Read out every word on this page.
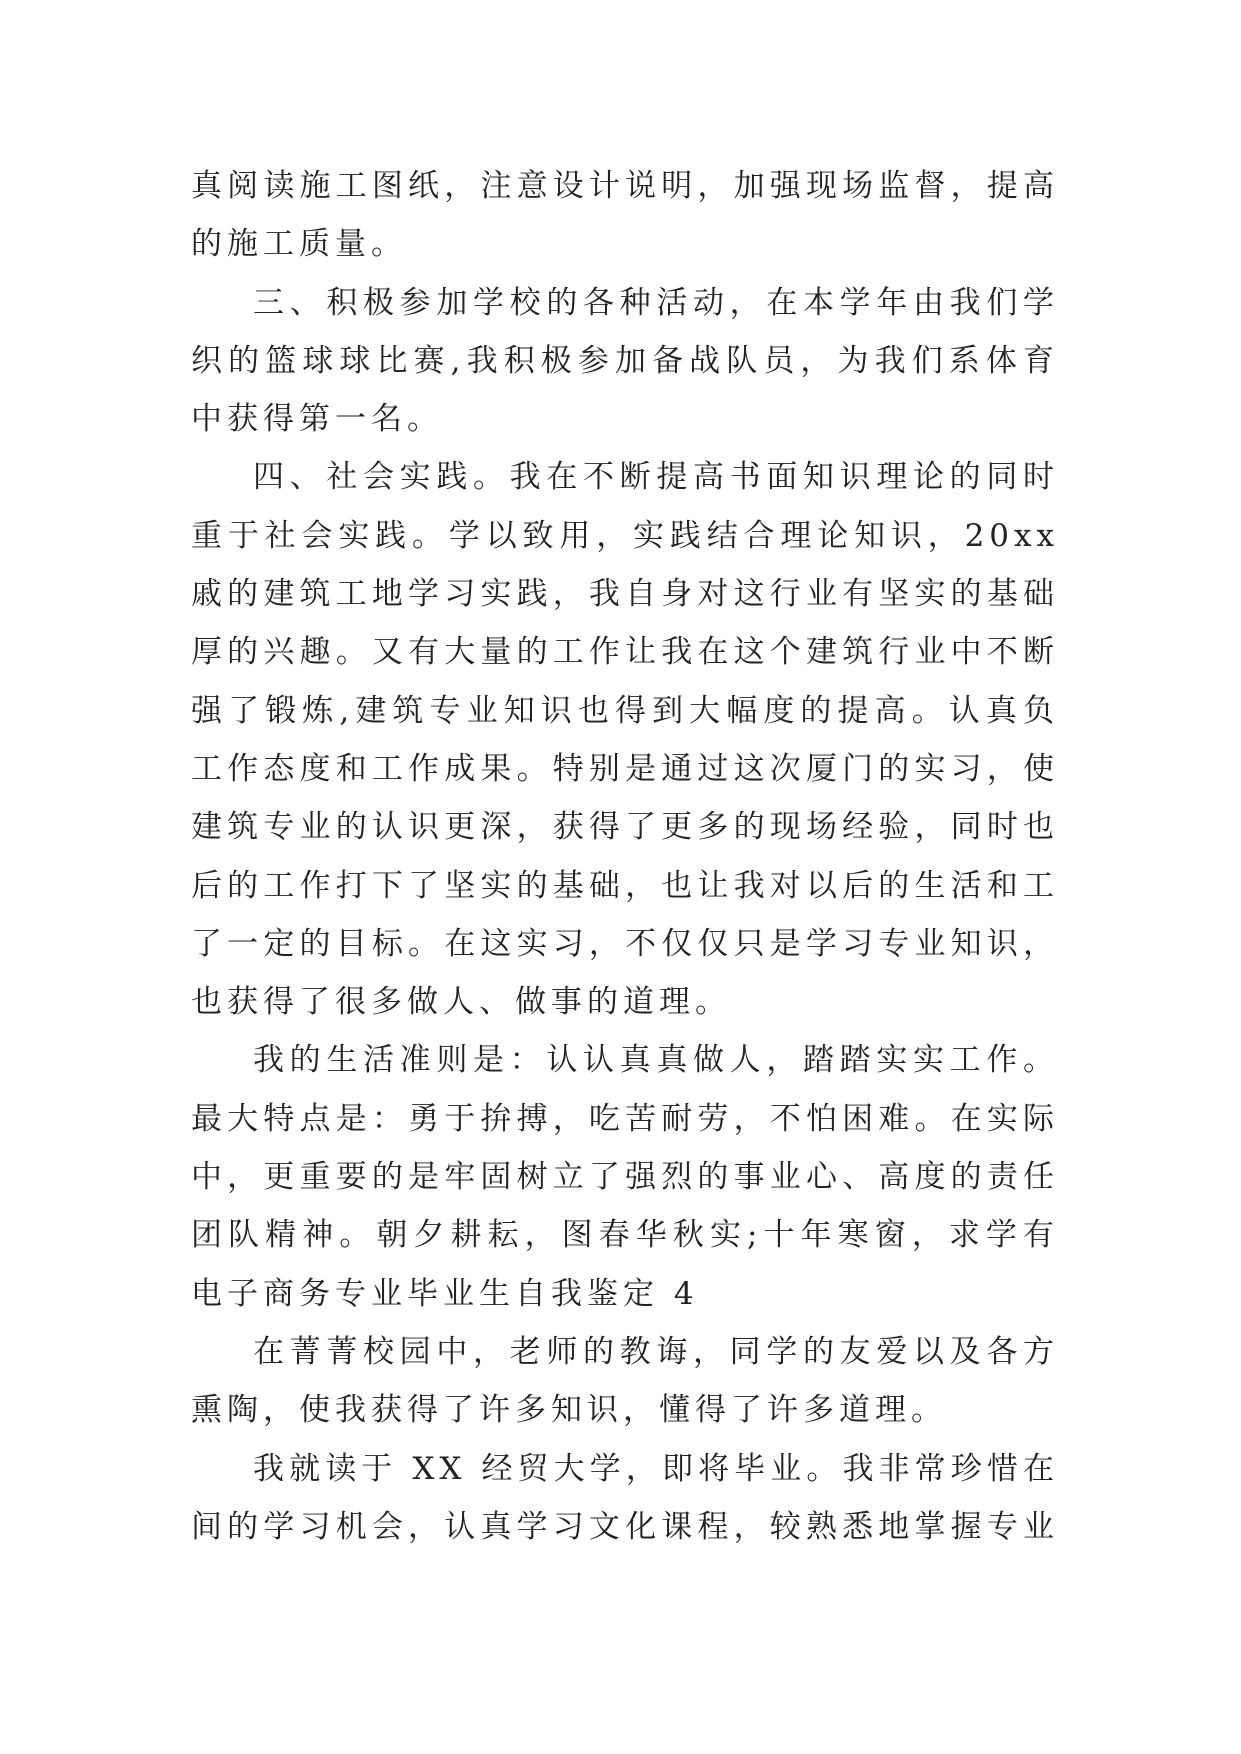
真阅读施工图纸，注意设计说明，加强现场监督，提高
的施工质量。
三、积极参加学校的各种活动，在本学年由我们学
织的篮球球比赛,我积极参加备战队员，为我们系体育
中获得第一名。
四、社会实践。我在不断提高书面知识理论的同时
重于社会实践。学以致用，实践结合理论知识，20xx
戚的建筑工地学习实践，我自身对这行业有坚实的基础
厚的兴趣。又有大量的工作让我在这个建筑行业中不断
强了锻炼,建筑专业知识也得到大幅度的提高。认真负
工作态度和工作成果。特别是通过这次厦门的实习，使
建筑专业的认识更深，获得了更多的现场经验，同时也
后的工作打下了坚实的基础，也让我对以后的生活和工
了一定的目标。在这实习，不仅仅只是学习专业知识，
也获得了很多做人、做事的道理。
我的生活准则是：认认真真做人，踏踏实实工作。
最大特点是：勇于拚搏，吃苦耐劳，不怕困难。在实际
中，更重要的是牢固树立了强烈的事业心、高度的责任
团队精神。朝夕耕耘，图春华秋实;十年寒窗，求学有
电子商务专业毕业生自我鉴定 4
在菁菁校园中，老师的教诲，同学的友爱以及各方
熏陶，使我获得了许多知识，懂得了许多道理。
我就读于 XX 经贸大学，即将毕业。我非常珍惜在
间的学习机会，认真学习文化课程，较熟悉地掌握专业
